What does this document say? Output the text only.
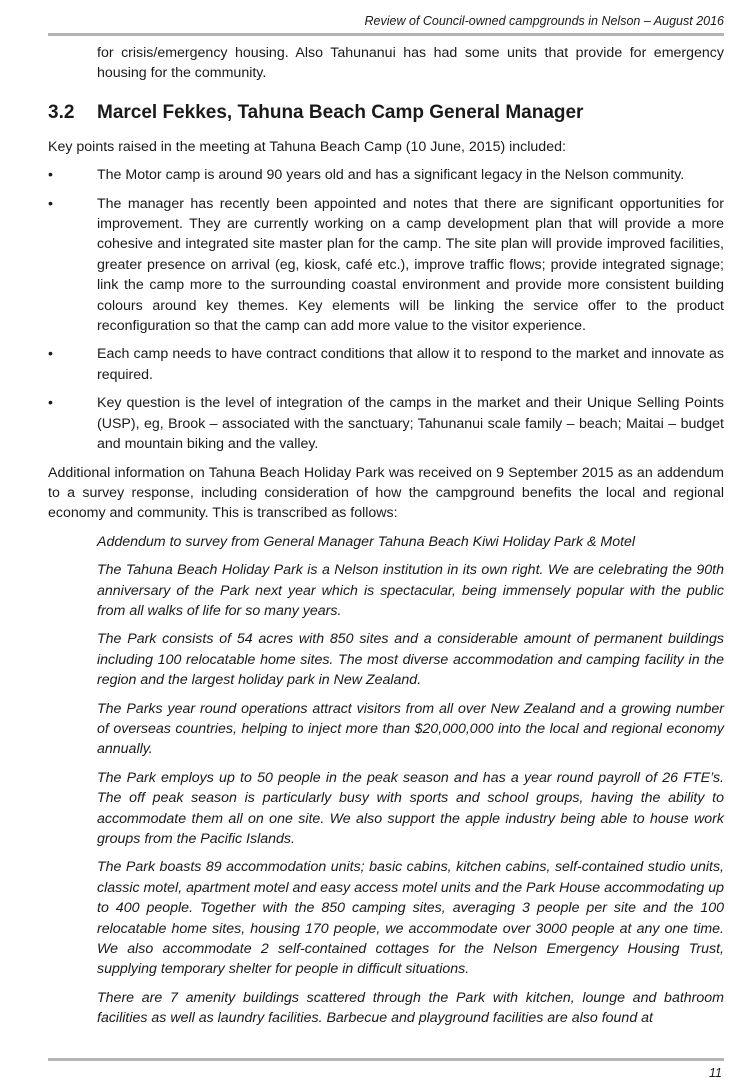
Review of Council-owned campgrounds in Nelson – August 2016

for crisis/emergency housing. Also Tahunanui has had some units that provide for emergency housing for the community.

3.2	Marcel Fekkes, Tahuna Beach Camp General Manager

Key points raised in the meeting at Tahuna Beach Camp (10 June, 2015) included:

•	The Motor camp is around 90 years old and has a significant legacy in the Nelson community.

•	The manager has recently been appointed and notes that there are significant opportunities for improvement. They are currently working on a camp development plan that will provide a more cohesive and integrated site master plan for the camp. The site plan will provide improved facilities, greater presence on arrival (eg, kiosk, café etc.), improve traffic flows; provide integrated signage; link the camp more to the surrounding coastal environment and provide more consistent building colours around key themes. Key elements will be linking the service offer to the product reconfiguration so that the camp can add more value to the visitor experience.

•	Each camp needs to have contract conditions that allow it to respond to the market and innovate as required.

•	Key question is the level of integration of the camps in the market and their Unique Selling Points (USP), eg, Brook – associated with the sanctuary; Tahunanui scale family – beach; Maitai – budget and mountain biking and the valley.

Additional information on Tahuna Beach Holiday Park was received on 9 September 2015 as an addendum to a survey response, including consideration of how the campground benefits the local and regional economy and community. This is transcribed as follows:

Addendum to survey from General Manager Tahuna Beach Kiwi Holiday Park & Motel

The Tahuna Beach Holiday Park is a Nelson institution in its own right. We are celebrating the 90th anniversary of the Park next year which is spectacular, being immensely popular with the public from all walks of life for so many years.

The Park consists of 54 acres with 850 sites and a considerable amount of permanent buildings including 100 relocatable home sites. The most diverse accommodation and camping facility in the region and the largest holiday park in New Zealand.

The Parks year round operations attract visitors from all over New Zealand and a growing number of overseas countries, helping to inject more than $20,000,000 into the local and regional economy annually.

The Park employs up to 50 people in the peak season and has a year round payroll of 26 FTE’s. The off peak season is particularly busy with sports and school groups, having the ability to accommodate them all on one site. We also support the apple industry being able to house work groups from the Pacific Islands.

The Park boasts 89 accommodation units; basic cabins, kitchen cabins, self-contained studio units, classic motel, apartment motel and easy access motel units and the Park House accommodating up to 400 people. Together with the 850 camping sites, averaging 3 people per site and the 100 relocatable home sites, housing 170 people, we accommodate over 3000 people at any one time. We also accommodate 2 self-contained cottages for the Nelson Emergency Housing Trust, supplying temporary shelter for people in difficult situations.

There are 7 amenity buildings scattered through the Park with kitchen, lounge and bathroom facilities as well as laundry facilities. Barbecue and playground facilities are also found at

11
